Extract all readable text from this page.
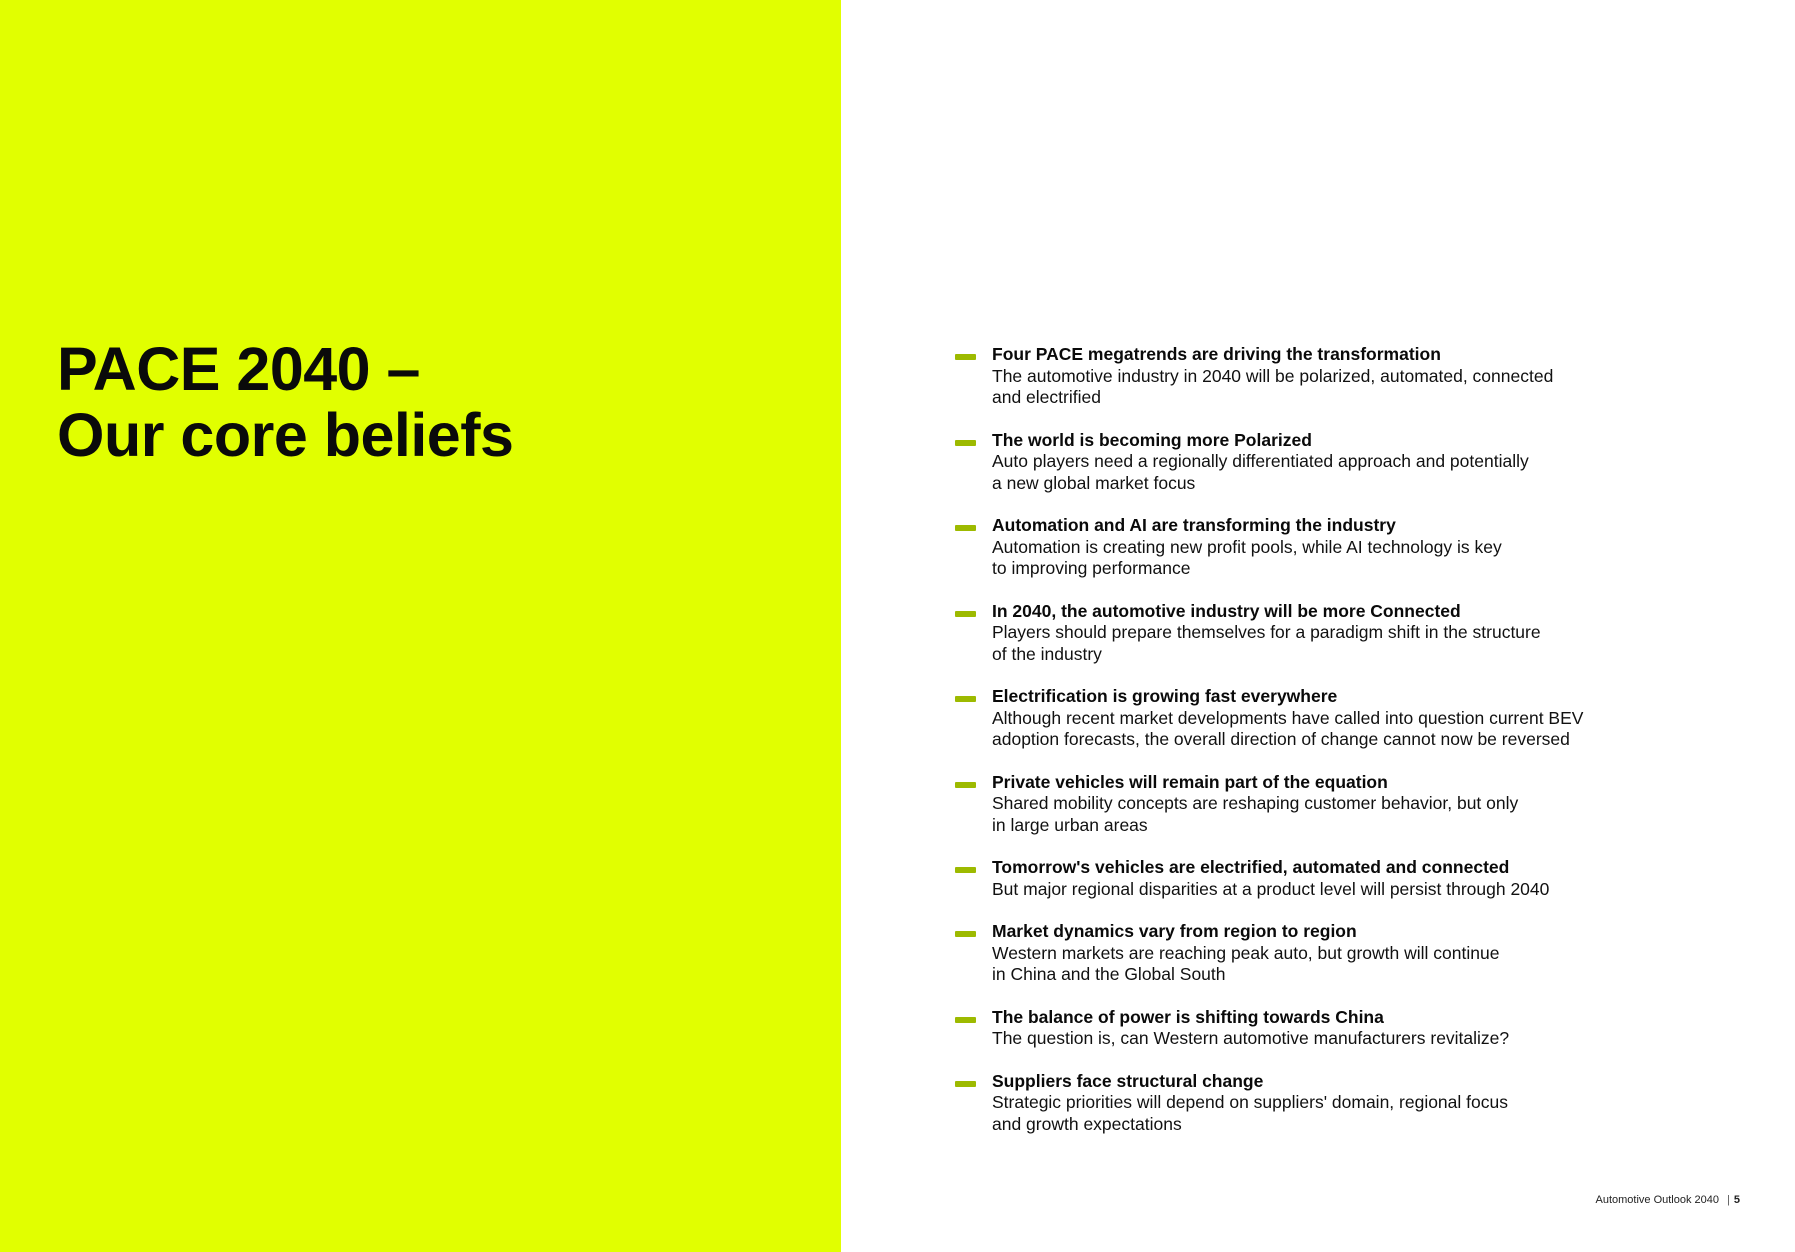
PACE 2040 –
Our core beliefs
Four PACE megatrends are driving the transformation
The automotive industry in 2040 will be polarized, automated, connected
and electrified
The world is becoming more Polarized
Auto players need a regionally differentiated approach and potentially
a new global market focus
Automation and AI are transforming the industry
Automation is creating new profit pools, while AI technology is key
to improving performance
In 2040, the automotive industry will be more Connected
Players should prepare themselves for a paradigm shift in the structure
of the industry
Electrification is growing fast everywhere
Although recent market developments have called into question current BEV
adoption forecasts, the overall direction of change cannot now be reversed
Private vehicles will remain part of the equation
Shared mobility concepts are reshaping customer behavior, but only
in large urban areas
Tomorrow's vehicles are electrified, automated and connected
But major regional disparities at a product level will persist through 2040
Market dynamics vary from region to region
Western markets are reaching peak auto, but growth will continue
in China and the Global South
The balance of power is shifting towards China
The question is, can Western automotive manufacturers revitalize?
Suppliers face structural change
Strategic priorities will depend on suppliers' domain, regional focus
and growth expectations
Automotive Outlook 2040 | 5
